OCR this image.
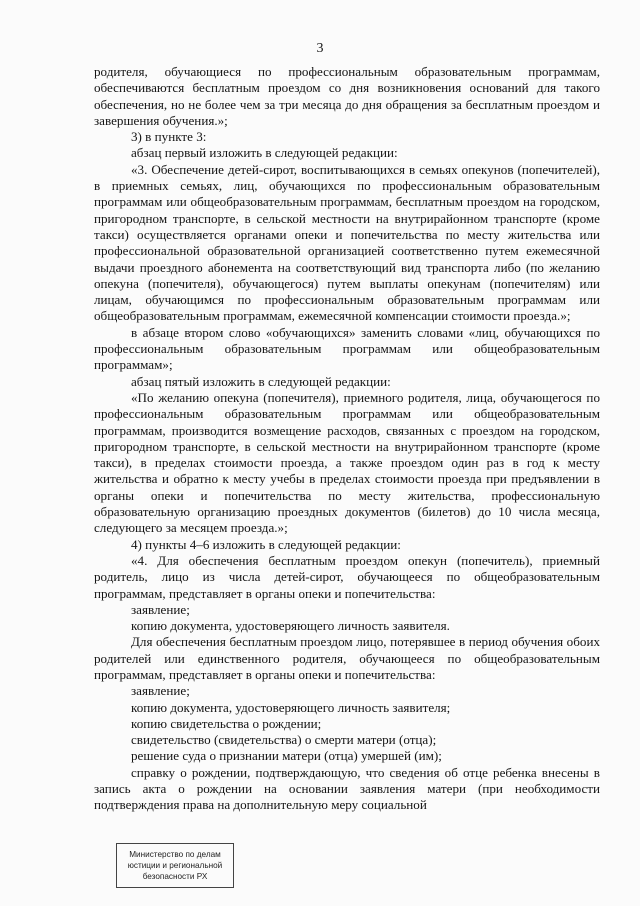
3

родителя, обучающиеся по профессиональным образовательным программам, обеспечиваются бесплатным проездом со дня возникновения оснований для такого обеспечения, но не более чем за три месяца до дня обращения за бесплатным проездом и завершения обучения.»;

3) в пункте 3:

абзац первый изложить в следующей редакции:

«3. Обеспечение детей-сирот, воспитывающихся в семьях опекунов (попечителей), в приемных семьях, лиц, обучающихся по профессиональным образовательным программам или общеобразовательным программам, бесплатным проездом на городском, пригородном транспорте, в сельской местности на внутрирайонном транспорте (кроме такси) осуществляется органами опеки и попечительства по месту жительства или профессиональной образовательной организацией соответственно путем ежемесячной выдачи проездного абонемента на соответствующий вид транспорта либо (по желанию опекуна (попечителя), обучающегося) путем выплаты опекунам (попечителям) или лицам, обучающимся по профессиональным образовательным программам или общеобразовательным программам, ежемесячной компенсации стоимости проезда.»;

в абзаце втором слово «обучающихся» заменить словами «лиц, обучающихся по профессиональным образовательным программам или общеобразовательным программам»;

абзац пятый изложить в следующей редакции:

«По желанию опекуна (попечителя), приемного родителя, лица, обучающегося по профессиональным образовательным программам или общеобразовательным программам, производится возмещение расходов, связанных с проездом на городском, пригородном транспорте, в сельской местности на внутрирайонном транспорте (кроме такси), в пределах стоимости проезда, а также проездом один раз в год к месту жительства и обратно к месту учебы в пределах стоимости проезда при предъявлении в органы опеки и попечительства по месту жительства, профессиональную образовательную организацию проездных документов (билетов) до 10 числа месяца, следующего за месяцем проезда.»;

4) пункты 4–6 изложить в следующей редакции:

«4. Для обеспечения бесплатным проездом опекун (попечитель), приемный родитель, лицо из числа детей-сирот, обучающееся по общеобразовательным программам, представляет в органы опеки и попечительства:

заявление;

копию документа, удостоверяющего личность заявителя.

Для обеспечения бесплатным проездом лицо, потерявшее в период обучения обоих родителей или единственного родителя, обучающееся по общеобразовательным программам, представляет в органы опеки и попечительства:

заявление;

копию документа, удостоверяющего личность заявителя;

копию свидетельства о рождении;

свидетельство (свидетельства) о смерти матери (отца);

решение суда о признании матери (отца) умершей (им);

справку о рождении, подтверждающую, что сведения об отце ребенка внесены в запись акта о рождении на основании заявления матери (при необходимости подтверждения права на дополнительную меру социальной

Министерство по делам
юстиции и региональной
безопасности РХ
